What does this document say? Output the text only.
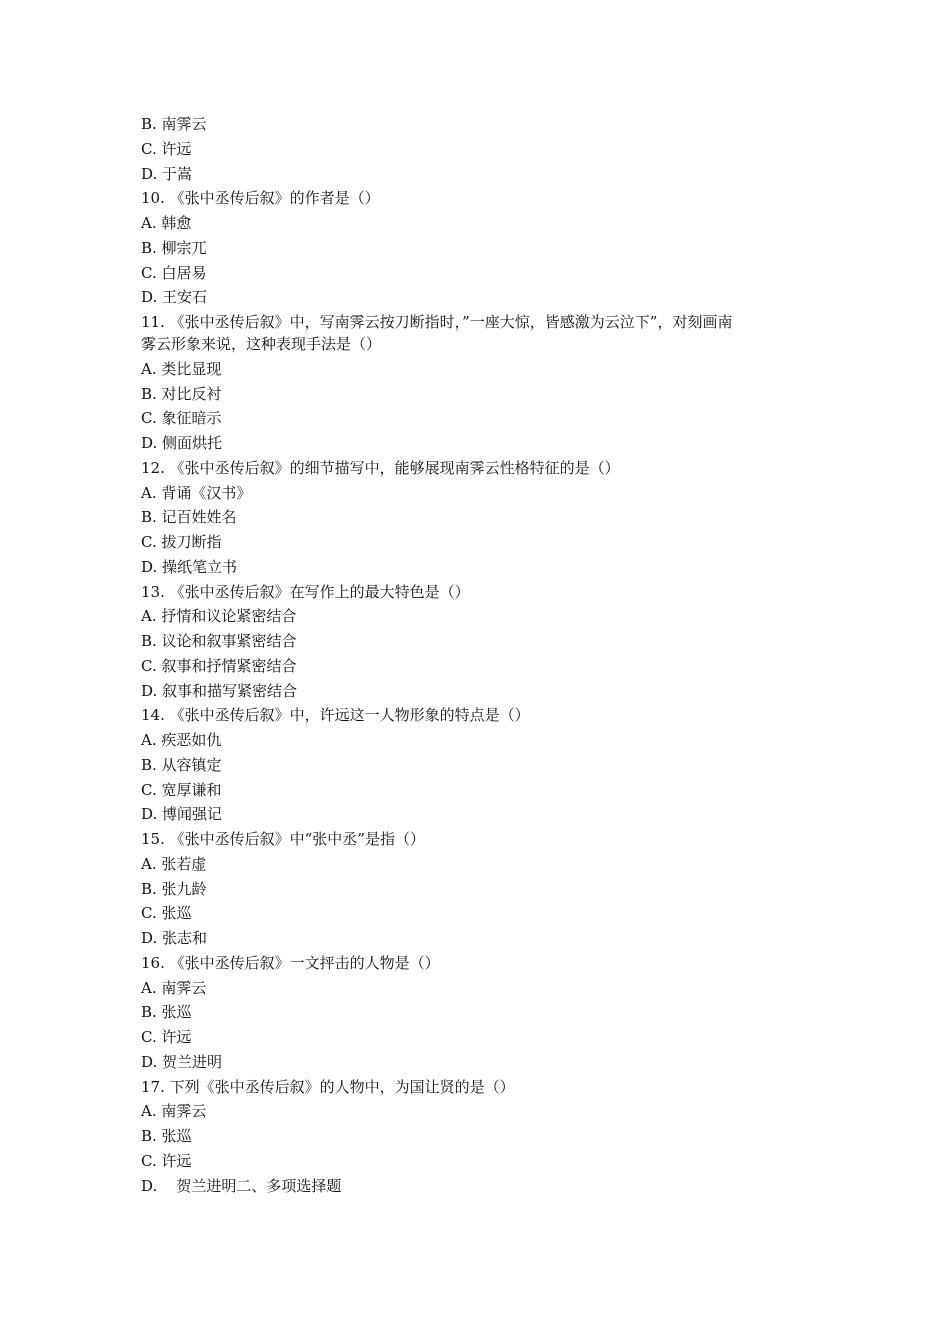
B. 南霁云
C. 许远
D. 于嵩
10. 《张中丞传后叙》的作者是（）
A. 韩愈
B. 柳宗兀
C. 白居易
D. 王安石
11. 《张中丞传后叙》中，写南霁云按刀断指时，”一座大惊，皆感激为云泣下”，对刻画南
雾云形象来说，这种表现手法是（）
A. 类比显现
B. 对比反衬
C. 象征暗示
D. 侧面烘托
12. 《张中丞传后叙》的细节描写中，能够展现南霁云性格特征的是（）
A. 背诵《汉书》
B. 记百姓姓名
C. 拔刀断指
D. 操纸笔立书
13. 《张中丞传后叙》在写作上的最大特色是（）
A. 抒情和议论紧密结合
B. 议论和叙事紧密结合
C. 叙事和抒情紧密结合
D. 叙事和描写紧密结合
14. 《张中丞传后叙》中，许远这一人物形象的特点是（）
A. 疾恶如仇
B. 从容镇定
C. 宽厚谦和
D. 博闻强记
15. 《张中丞传后叙》中“张中丞”是指（）
A. 张若虚
B. 张九龄
C. 张巡
D. 张志和
16. 《张中丞传后叙》一文抨击的人物是（）
A. 南霁云
B. 张巡
C. 许远
D. 贺兰进明
17. 下列《张中丞传后叙》的人物中，为国让贤的是（）
A. 南霁云
B. 张巡
C. 许远
D.    贺兰进明二、多项选择题
